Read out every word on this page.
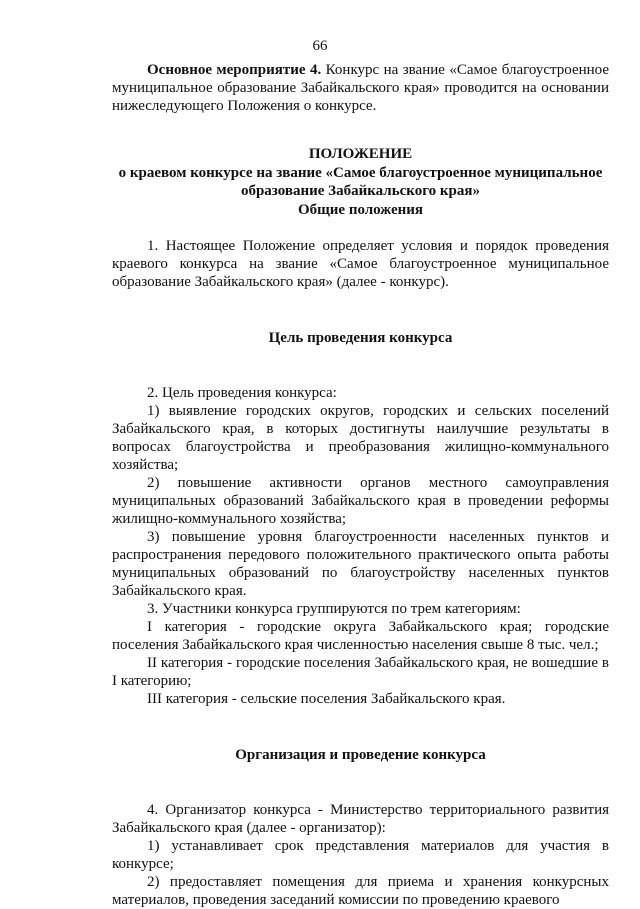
66

Основное мероприятие 4. Конкурс на звание «Самое благоустроенное муниципальное образование Забайкальского края» проводится на основании нижеследующего Положения о конкурсе.

ПОЛОЖЕНИЕ

о краевом конкурсе на звание «Самое благоустроенное муниципальное образование Забайкальского края»

Общие положения

1. Настоящее Положение определяет условия и порядок проведения краевого конкурса на звание «Самое благоустроенное муниципальное образование Забайкальского края» (далее - конкурс).

Цель проведения конкурса

2. Цель проведения конкурса:

1) выявление городских округов, городских и сельских поселений Забайкальского края, в которых достигнуты наилучшие результаты в вопросах благоустройства и преобразования жилищно-коммунального хозяйства;

2) повышение активности органов местного самоуправления муниципальных образований Забайкальского края в проведении реформы жилищно-коммунального хозяйства;

3) повышение уровня благоустроенности населенных пунктов и распространения передового положительного практического опыта работы муниципальных образований по благоустройству населенных пунктов Забайкальского края.

3. Участники конкурса группируются по трем категориям:

I категория - городские округа Забайкальского края; городские поселения Забайкальского края численностью населения свыше 8 тыс. чел.;

II категория - городские поселения Забайкальского края, не вошедшие в I категорию;

III категория - сельские поселения Забайкальского края.

Организация и проведение конкурса

4. Организатор конкурса - Министерство территориального развития Забайкальского края (далее - организатор):

1) устанавливает срок представления материалов для участия в конкурсе;

2) предоставляет помещения для приема и хранения конкурсных материалов, проведения заседаний комиссии по проведению краевого
